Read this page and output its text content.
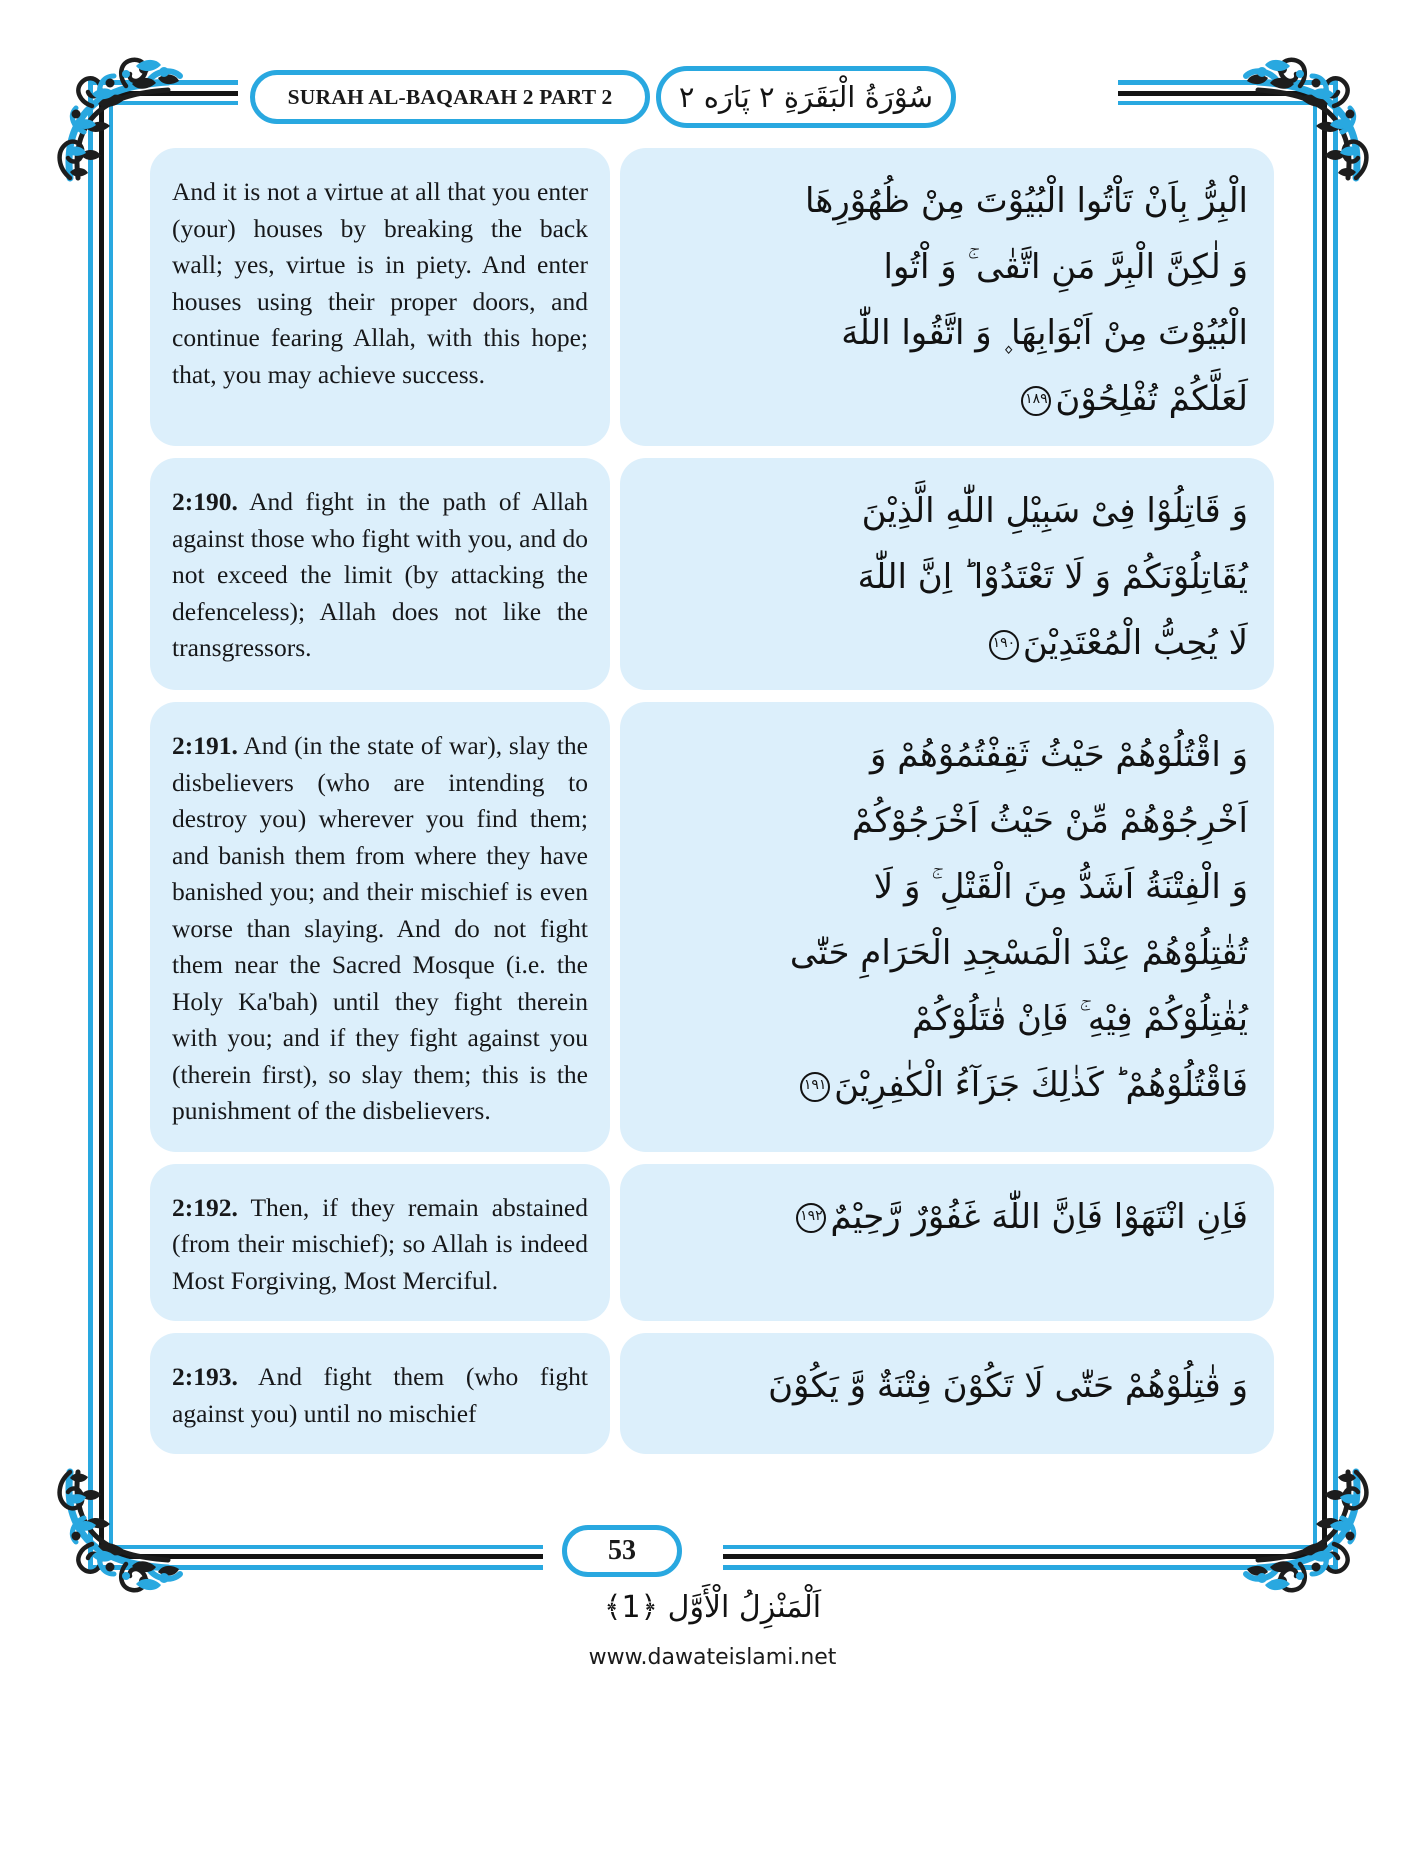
SURAH AL-BAQARAH 2 PART 2 سُوْرَةُ الْبَقَرَةِ ٢ پَارَه ٢
And it is not a virtue at all that you enter (your) houses by breaking the back wall; yes, virtue is in piety. And enter houses using their proper doors, and continue fearing Allah, with this hope; that, you may achieve success.
الْبِرُّ بِاَنْ تَاْتُوا الْبُيُوْتَ مِنْ ظُهُوْرِهَا
وَ لٰكِنَّ الْبِرَّ مَنِ اتَّقٰى ۚ وَ اْتُوا
الْبُيُوْتَ مِنْ اَبْوَابِهَا ۪ وَ اتَّقُوا اللّٰهَ
لَعَلَّكُمْ تُفْلِحُوْنَ١٨٩
2:190. And fight in the path of Allah against those who fight with you, and do not exceed the limit (by attacking the defenceless); Allah does not like the transgressors.
وَ قَاتِلُوْا فِیْ سَبِیْلِ اللّٰهِ الَّذِیْنَ
یُقَاتِلُوْنَكُمْ وَ لَا تَعْتَدُوْا ؕ اِنَّ اللّٰهَ
لَا یُحِبُّ الْمُعْتَدِیْنَ١٩٠
2:191. And (in the state of war), slay the disbelievers (who are intending to destroy you) wherever you find them; and banish them from where they have banished you; and their mischief is even worse than slaying. And do not fight them near the Sacred Mosque (i.e. the Holy Ka'bah) until they fight therein with you; and if they fight against you (therein first), so slay them; this is the punishment of the disbelievers.
وَ اقْتُلُوْهُمْ حَیْثُ ثَقِفْتُمُوْهُمْ وَ
اَخْرِجُوْهُمْ مِّنْ حَیْثُ اَخْرَجُوْكُمْ
وَ الْفِتْنَةُ اَشَدُّ مِنَ الْقَتْلِ ۚ وَ لَا
تُقٰتِلُوْهُمْ عِنْدَ الْمَسْجِدِ الْحَرَامِ حَتّٰى
یُقٰتِلُوْكُمْ فِیْهِ ۚ فَاِنْ قٰتَلُوْكُمْ
فَاقْتُلُوْهُمْ ؕ كَذٰلِكَ جَزَآءُ الْكٰفِرِیْنَ١٩١
2:192. Then, if they remain abstained (from their mischief); so Allah is indeed Most Forgiving, Most Merciful.
فَاِنِ انْتَهَوْا فَاِنَّ اللّٰهَ غَفُوْرٌ رَّحِیْمٌ١٩٢
2:193. And fight them (who fight against you) until no mischief
وَ قٰتِلُوْهُمْ حَتّٰى لَا تَكُوْنَ فِتْنَةٌ وَّ یَكُوْنَ
53
اَلْمَنْزِلُ الْأَوَّل ﴿1﴾
www.dawateislami.net
